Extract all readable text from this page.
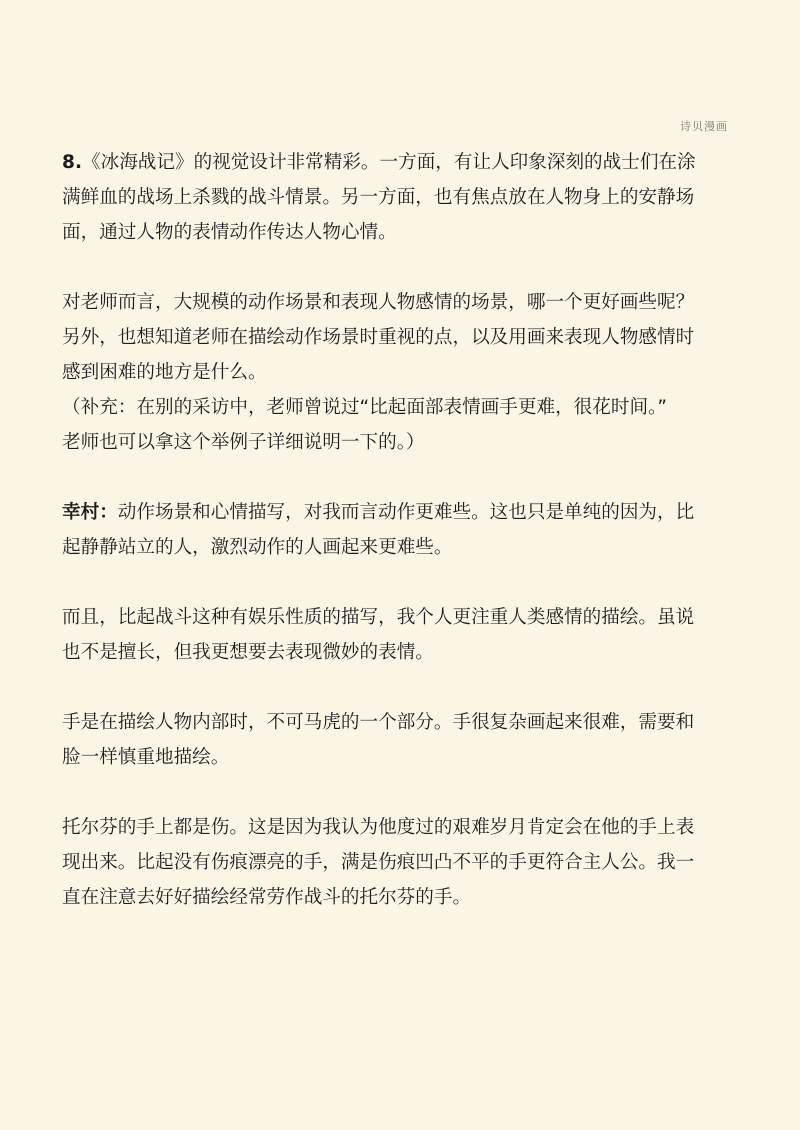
诗贝漫画
8.《冰海战记》的视觉设计非常精彩。一方面，有让人印象深刻的战士们在涂
满鲜血的战场上杀戮的战斗情景。另一方面，也有焦点放在人物身上的安静场
面，通过人物的表情动作传达人物心情。
对老师而言，大规模的动作场景和表现人物感情的场景，哪一个更好画些呢？
另外，也想知道老师在描绘动作场景时重视的点，以及用画来表现人物感情时
感到困难的地方是什么。
（补充：在别的采访中，老师曾说过“比起面部表情画手更难，很花时间。”
老师也可以拿这个举例子详细说明一下的。）
幸村：动作场景和心情描写，对我而言动作更难些。这也只是单纯的因为，比
起静静站立的人，激烈动作的人画起来更难些。
而且，比起战斗这种有娱乐性质的描写，我个人更注重人类感情的描绘。虽说
也不是擅长，但我更想要去表现微妙的表情。
手是在描绘人物内部时，不可马虎的一个部分。手很复杂画起来很难，需要和
脸一样慎重地描绘。
托尔芬的手上都是伤。这是因为我认为他度过的艰难岁月肯定会在他的手上表
现出来。比起没有伤痕漂亮的手，满是伤痕凹凸不平的手更符合主人公。我一
直在注意去好好描绘经常劳作战斗的托尔芬的手。
